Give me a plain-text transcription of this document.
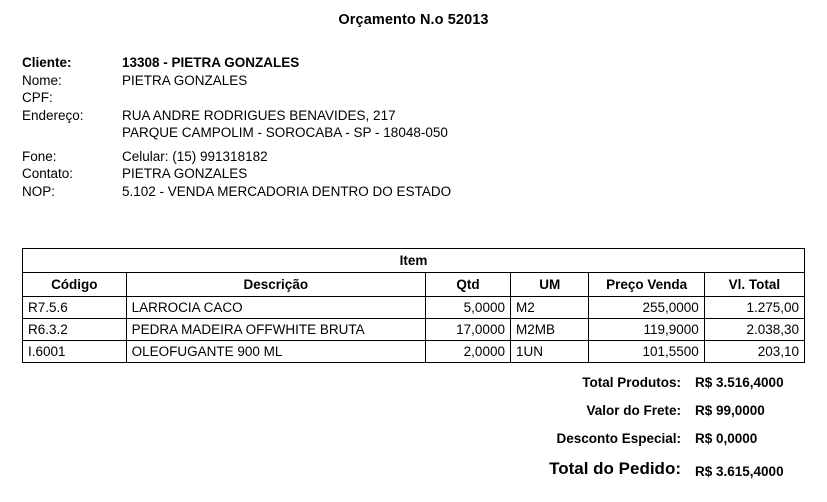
Orçamento N.o 52013
Cliente:	13308 - PIETRA GONZALES
Nome:	PIETRA GONZALES
CPF:
Endereço:	RUA ANDRE RODRIGUES BENAVIDES, 217
PARQUE CAMPOLIM - SOROCABA - SP - 18048-050
Fone:	Celular: (15) 991318182
Contato:	PIETRA GONZALES
NOP:	5.102 - VENDA MERCADORIA DENTRO DO ESTADO
Item					
Código	Descrição	Qtd	UM	Preço Venda	Vl. Total
R7.5.6	LARROCIA CACO	5,0000	M2	255,0000	1.275,00
R6.3.2	PEDRA MADEIRA OFFWHITE BRUTA	17,0000	M2MB	119,9000	2.038,30
I.6001	OLEOFUGANTE 900 ML	2,0000	1UN	101,5500	203,10
Total Produtos:	R$ 3.516,4000
Valor do Frete:	R$ 99,0000
Desconto Especial:	R$ 0,0000
Total do Pedido:	R$ 3.615,4000
